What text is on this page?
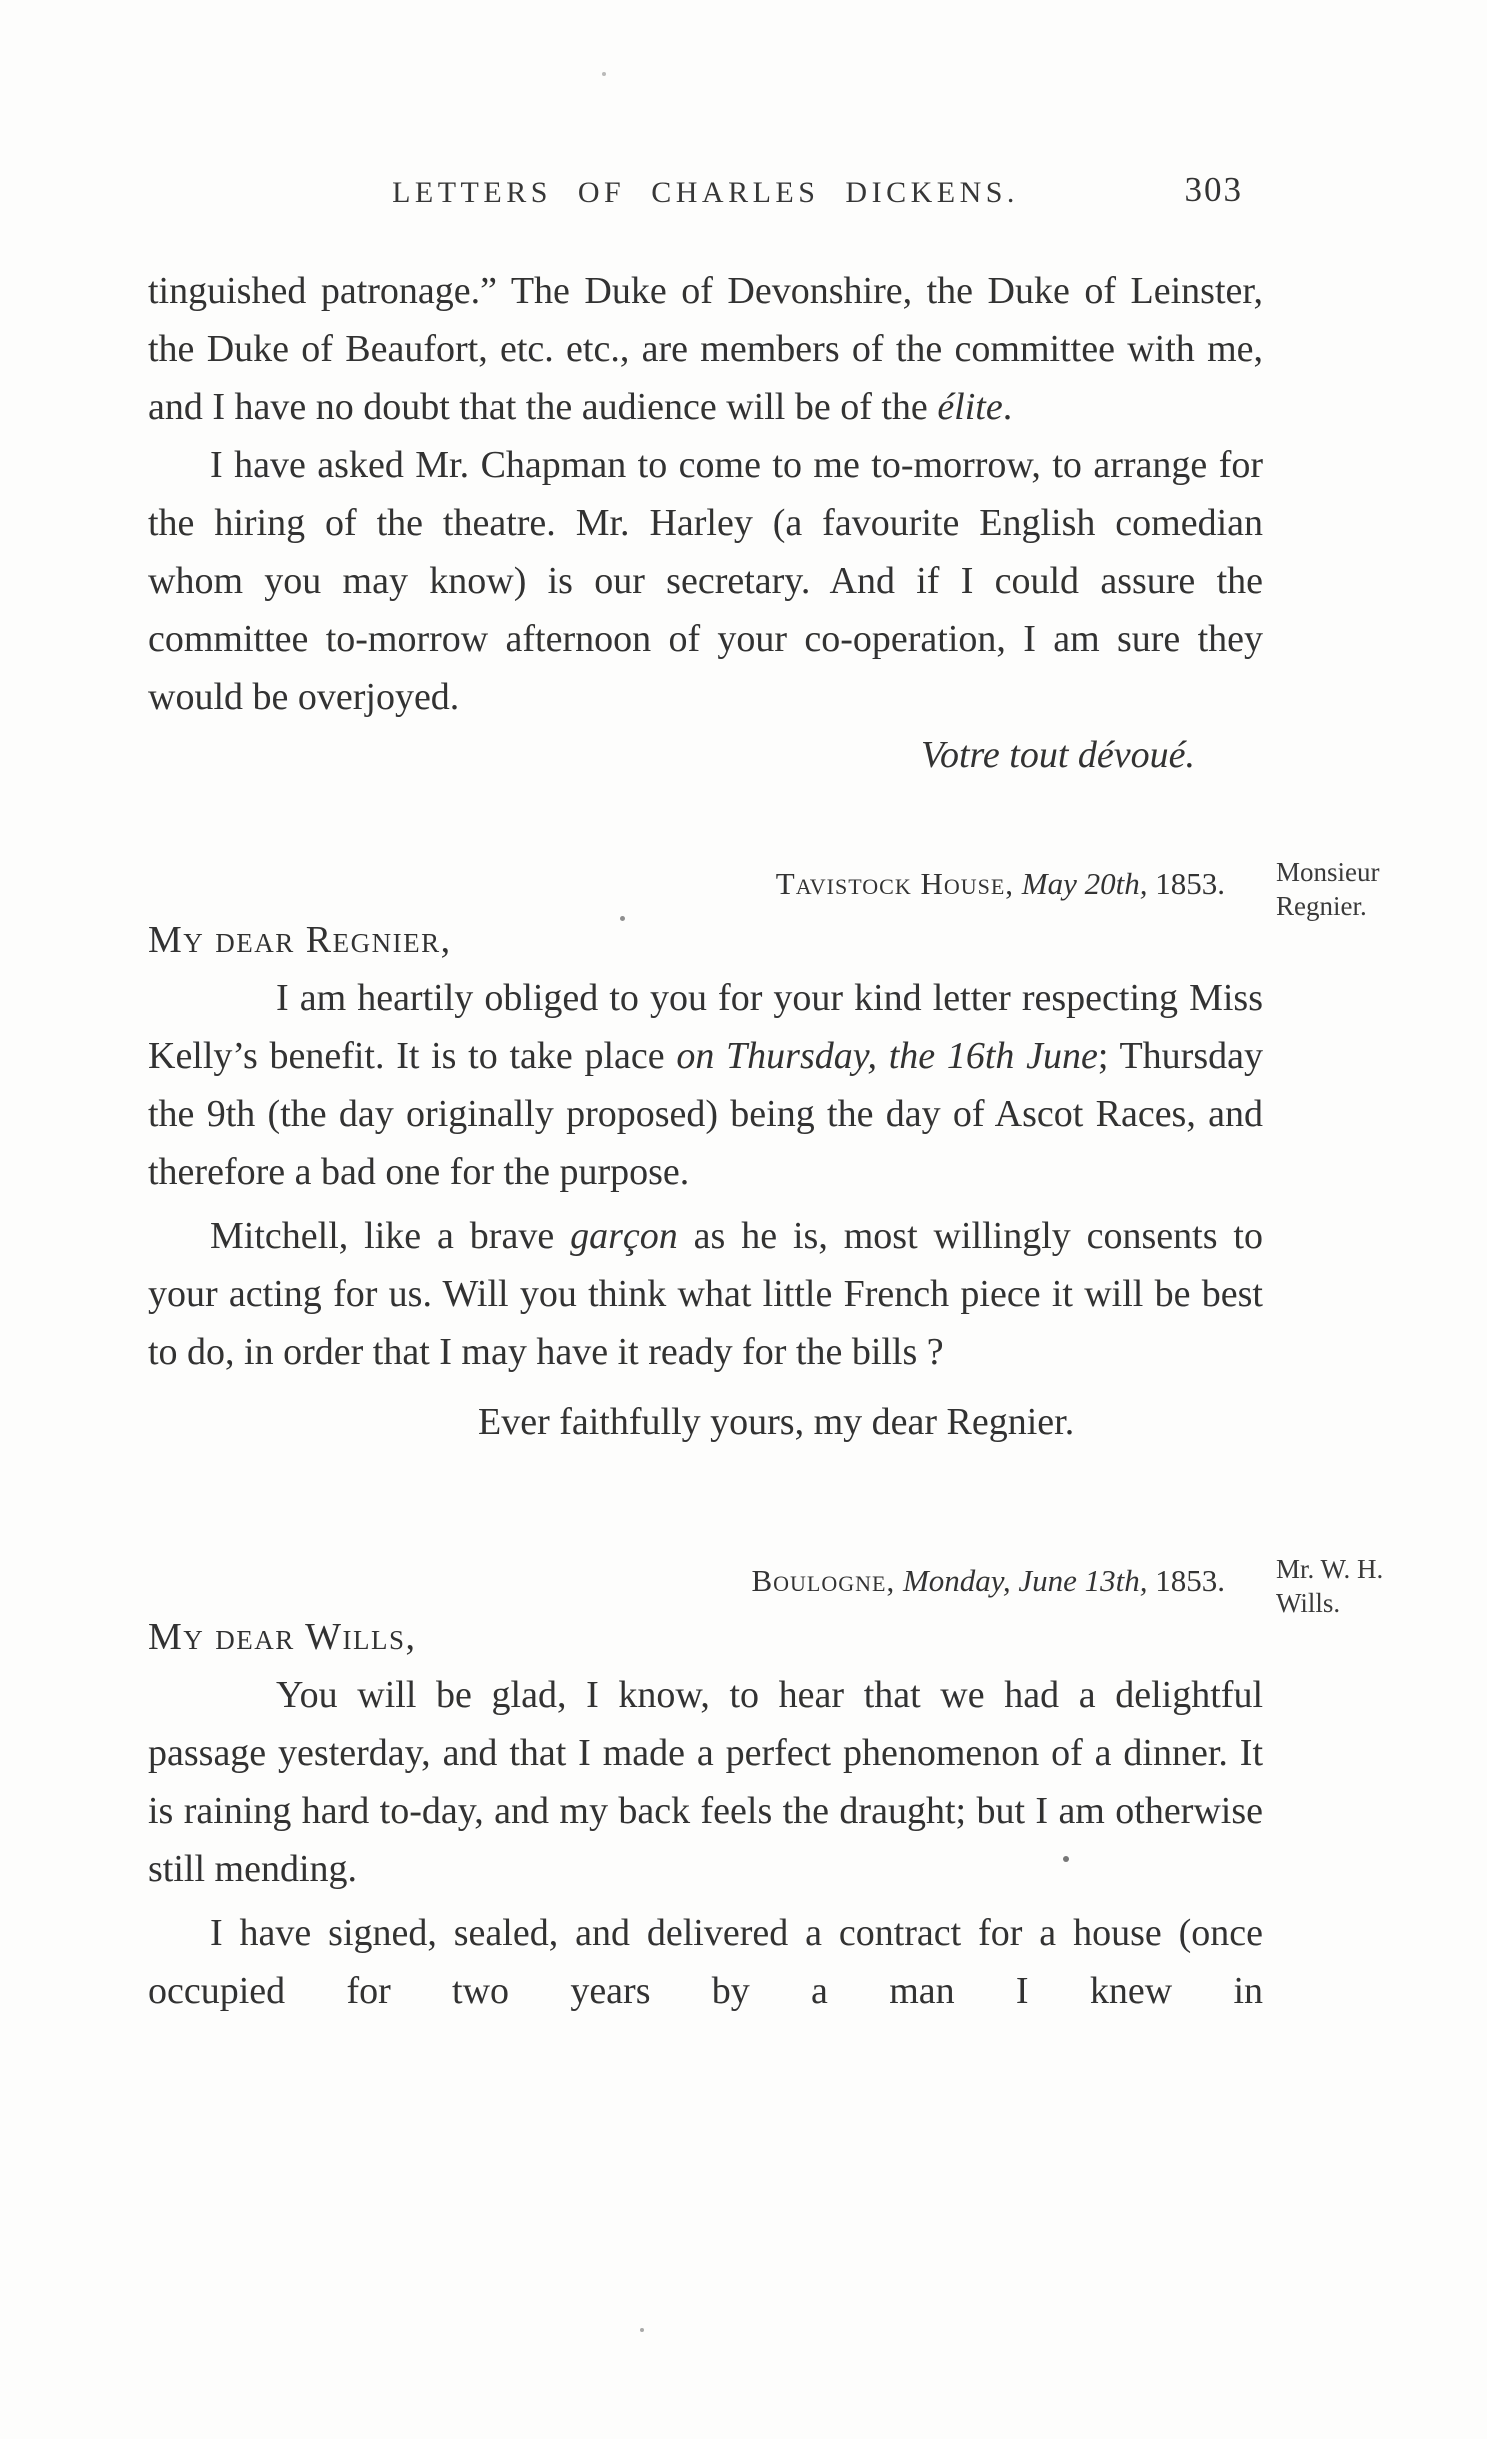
LETTERS OF CHARLES DICKENS.	303

tinguished patronage.” The Duke of Devonshire, the Duke of Leinster, the Duke of Beaufort, etc. etc., are members of the committee with me, and I have no doubt that the audience will be of the élite.

I have asked Mr. Chapman to come to me to-morrow, to arrange for the hiring of the theatre. Mr. Harley (a favourite English comedian whom you may know) is our secretary. And if I could assure the committee to-morrow afternoon of your co-operation, I am sure they would be overjoyed.

Votre tout dévoué.

Monsieur
Regnier.
Tavistock House, May 20th, 1853.

My dear Regnier,

I am heartily obliged to you for your kind letter respecting Miss Kelly’s benefit. It is to take place on Thursday, the 16th June; Thursday the 9th (the day originally proposed) being the day of Ascot Races, and therefore a bad one for the purpose.

Mitchell, like a brave garçon as he is, most willingly consents to your acting for us. Will you think what little French piece it will be best to do, in order that I may have it ready for the bills ?

Ever faithfully yours, my dear Regnier.

Mr. W. H.
Wills.
Boulogne, Monday, June 13th, 1853.

My dear Wills,

You will be glad, I know, to hear that we had a delightful passage yesterday, and that I made a perfect phenomenon of a dinner. It is raining hard to-day, and my back feels the draught; but I am otherwise still mending.

I have signed, sealed, and delivered a contract for a house (once occupied for two years by a man I knew in
